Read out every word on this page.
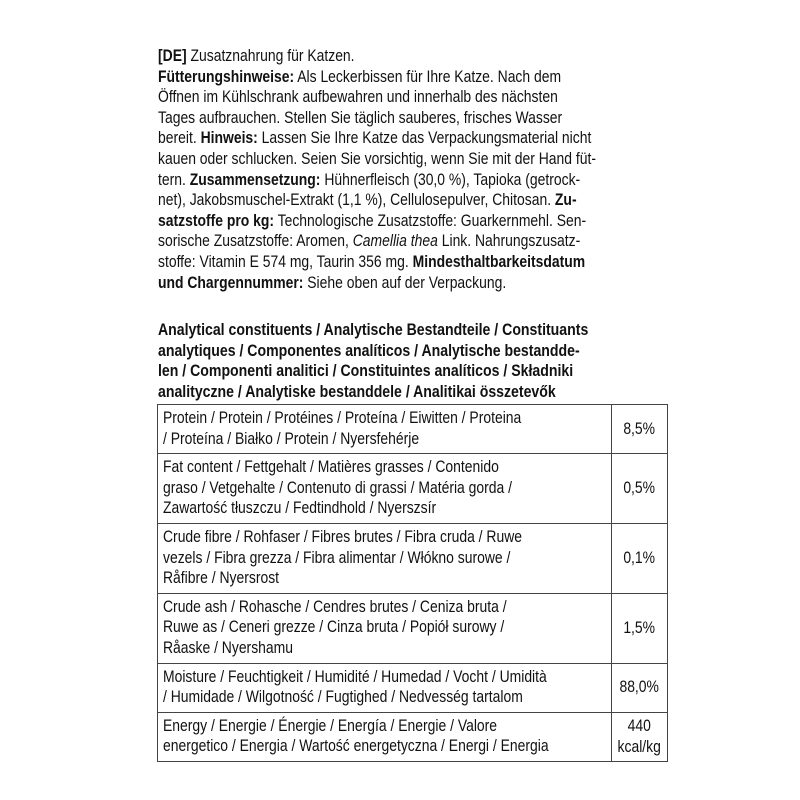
[DE] Zusatznahrung für Katzen.
Fütterungshinweise: Als Leckerbissen für Ihre Katze. Nach dem
Öffnen im Kühlschrank aufbewahren und innerhalb des nächsten
Tages aufbrauchen. Stellen Sie täglich sauberes, frisches Wasser
bereit. Hinweis: Lassen Sie Ihre Katze das Verpackungsmaterial nicht
kauen oder schlucken. Seien Sie vorsichtig, wenn Sie mit der Hand füt-
tern. Zusammensetzung: Hühnerfleisch (30,0 %), Tapioka (getrock-
net), Jakobsmuschel-Extrakt (1,1 %), Cellulosepulver, Chitosan. Zu-
satzstoffe pro kg: Technologische Zusatzstoffe: Guarkernmehl. Sen-
sorische Zusatzstoffe: Aromen, Camellia thea Link. Nahrungszusatz-
stoffe: Vitamin E 574 mg, Taurin 356 mg. Mindesthaltbarkeitsdatum
und Chargennummer: Siehe oben auf der Verpackung.
Analytical constituents / Analytische Bestandteile / Constituants
analytiques / Componentes analíticos / Analytische bestandde-
len / Componenti analitici / Constituintes analíticos / Składniki
analityczne / Analytiske bestanddele / Analitikai összetevők
Protein / Protein / Protéines / Proteína / Eiwitten / Proteina
/ Proteína / Białko / Protein / Nyersfehérje	8,5%

Fat content / Fettgehalt / Matières grasses / Contenido
graso / Vetgehalte / Contenuto di grassi / Matéria gorda /
Zawartość tłuszczu / Fedtindhold / Nyerszsír	0,5%

Crude fibre / Rohfaser / Fibres brutes / Fibra cruda / Ruwe
vezels / Fibra grezza / Fibra alimentar / Włókno surowe /
Råfibre / Nyersrost	0,1%

Crude ash / Rohasche / Cendres brutes / Ceniza bruta /
Ruwe as / Ceneri grezze / Cinza bruta / Popiół surowy /
Råaske / Nyershamu	1,5%

Moisture / Feuchtigkeit / Humidité / Humedad / Vocht / Umidità
/ Humidade / Wilgotność / Fugtighed / Nedvesség tartalom	88,0%

Energy / Energie / Énergie / Energía / Energie / Valore
energetico / Energia / Wartość energetyczna / Energi / Energia	440
kcal/kg
